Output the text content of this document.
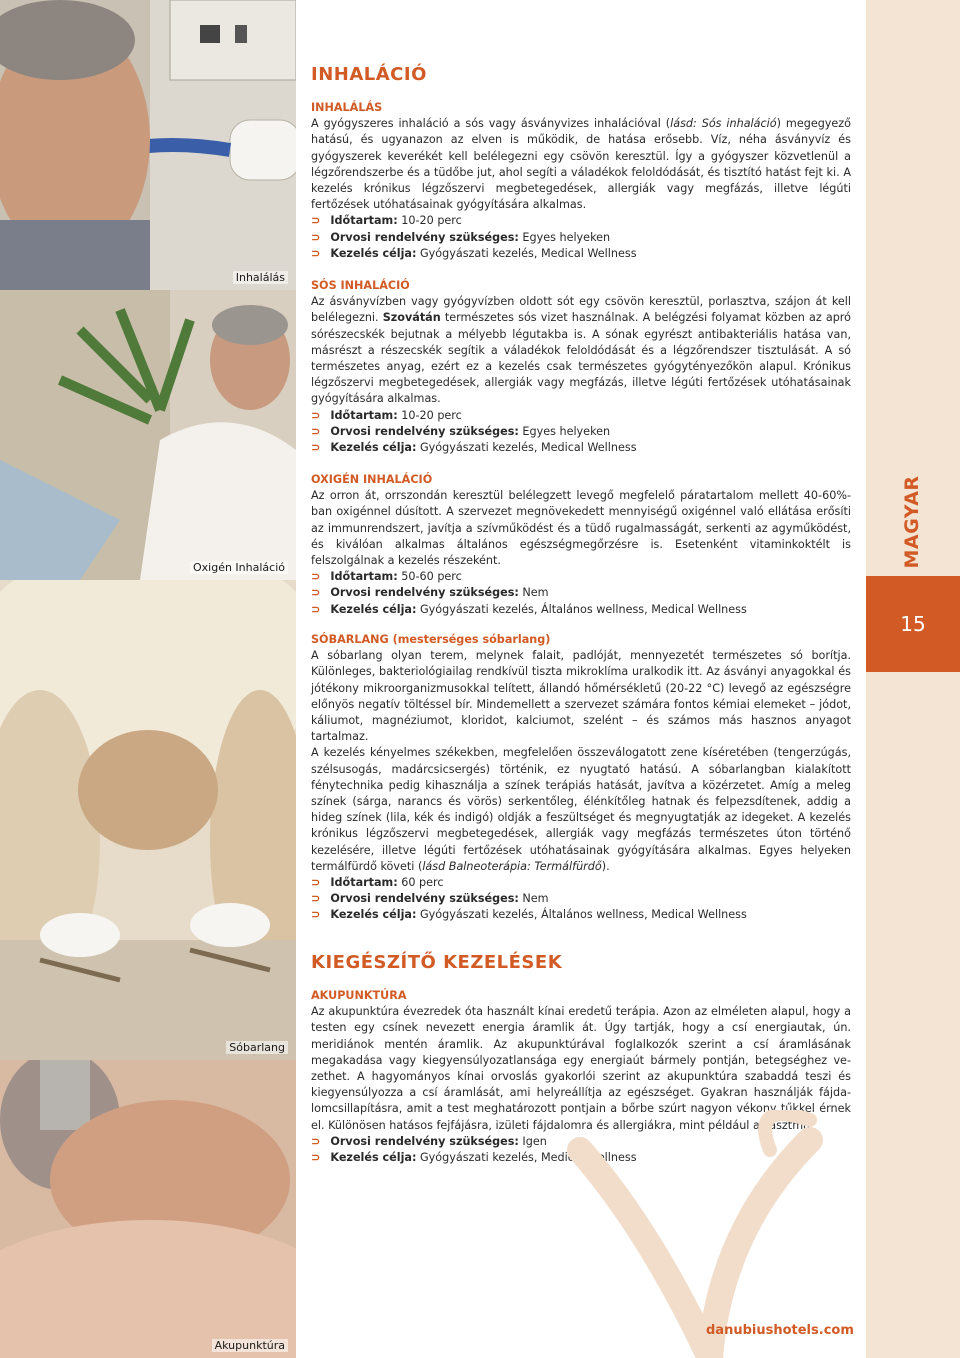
Inhalálás
Oxigén Inhaláció
Sóbarlang
Akupunktúra
MAGYAR
15
INHALÁCIÓ

INHALÁLÁS

A gyógyszeres inhaláció a sós vagy ásványvizes inhalációval (lásd: Sós inhaláció) megegyező hatású, és ugyanazon az elven is működik, de hatása erősebb. Víz, néha ásványvíz és gyógyszerek keverékét kell belélegezni egy csövön keresztül. Így a gyógyszer közvetlenül a légzőrendszerbe és a tüdőbe jut, ahol segíti a váladékok feloldódását, és tisztító hatást fejt ki. A kezelés krónikus légzőszervi megbetegedések, allergiák vagy megfázás, illetve légúti fertőzések utóhatásainak gyógyítására alkalmas.

⊃ Időtartam: 10-20 perc

⊃ Orvosi rendelvény szükséges: Egyes helyeken

⊃ Kezelés célja: Gyógyászati kezelés, Medical Wellness

SÓS INHALÁCIÓ

Az ásványvízben vagy gyógyvízben oldott sót egy csövön keresztül, porlasztva, szájon át kell belélegezni. Szovátán természetes sós vizet használnak. A belégzési folyamat közben az apró sórészecskék bejutnak a mélyebb légutakba is. A sónak egyrészt antibakteriális hatása van, másrészt a részecskék segítik a váladékok feloldódását és a légzőrendszer tisztulását. A só természetes anyag, ezért ez a kezelés csak természetes gyógytényezőkön alapul. Krónikus légzőszervi megbetegedések, allergiák vagy megfázás, illetve légúti fertőzések utóhatásainak gyógyítására alkalmas.

⊃ Időtartam: 10-20 perc

⊃ Orvosi rendelvény szükséges: Egyes helyeken

⊃ Kezelés célja: Gyógyászati kezelés, Medical Wellness

OXIGÉN INHALÁCIÓ

Az orron át, orrszondán keresztül belélegzett levegő megfelelő páratartalom mellett 40-60%-ban oxigénnel dúsított. A szervezet megnövekedett mennyiségű oxigénnel való ellátása erősíti az immunrendszert, javítja a szívműködést és a tüdő rugalmasságát, serkenti az agyműködést, és kiválóan alkalmas általános egészségmegőrzésre is. Esetenként vitaminkoktélt is felszolgálnak a kezelés részeként.

⊃ Időtartam: 50-60 perc

⊃ Orvosi rendelvény szükséges: Nem

⊃ Kezelés célja: Gyógyászati kezelés, Általános wellness, Medical Wellness

SÓBARLANG (mesterséges sóbarlang)

A sóbarlang olyan terem, melynek falait, padlóját, mennyezetét természetes só borítja. Különleges, bakteriológiailag rendkívül tiszta mikroklíma uralkodik itt. Az ásványi anyagokkal és jótékony mikroorganizmusokkal telített, állandó hőmérsékletű (20-22 °C) levegő az egészségre előnyös negatív töltéssel bír. Mindemellett a szervezet számára fontos kémiai elemeket – jódot, káliumot, magnéziumot, kloridot, kalciumot, szelént – és számos más hasznos anyagot tartalmaz.

A kezelés kényelmes székekben, megfelelően összeválogatott zene kíséretében (tengerzúgás, szélsusogás, madárcsicsergés) történik, ez nyugtató hatású. A sóbarlangban kialakított fénytechnika pedig kihasználja a színek terápiás hatását, javítva a közérzetet. Amíg a meleg színek (sárga, narancs és vörös) serkentőleg, élénkítőleg hatnak és felpezsdítenek, addig a hideg színek (lila, kék és indigó) oldják a feszültséget és megnyugtatják az idegeket. A kezelés krónikus légzőszervi megbetegedések, allergiák vagy megfázás természetes úton történő kezelésére, illetve légúti fertőzések utóhatásainak gyógyítására alkalmas. Egyes helyeken termálfürdő követi (lásd Balneoterápia: Termálfürdő).

⊃ Időtartam: 60 perc

⊃ Orvosi rendelvény szükséges: Nem

⊃ Kezelés célja: Gyógyászati kezelés, Általános wellness, Medical Wellness

KIEGÉSZÍTŐ KEZELÉSEK

AKUPUNKTÚRA

Az akupunktúra évezredek óta használt kínai eredetű terápia. Azon az elméleten alapul, hogy a testen egy csínek nevezett energia áramlik át. Úgy tartják, hogy a csí energiautak, ún. meridiánok mentén áramlik. Az akupunktúrával foglalkozók szerint a csí áramlásának megakadása vagy kiegyensúlyozatlansága egy energiaút bármely pontján, betegséghez vezethet. A hagyományos kínai orvoslás gyakorlói szerint az akupunktúra szabaddá teszi és kiegyensúlyozza a csí áramlását, ami helyreállítja az egészséget. Gyakran használják fájdalomcsillapításra, amit a test meghatározott pontjain a bőrbe szúrt nagyon vékony tűkkel érnek el. Különösen hatásos fejfájásra, izületi fájdalomra és allergiákra, mint például az asztma.

⊃ Orvosi rendelvény szükséges: Igen

⊃ Kezelés célja: Gyógyászati kezelés, Medical Wellness

danubiushotels.com
